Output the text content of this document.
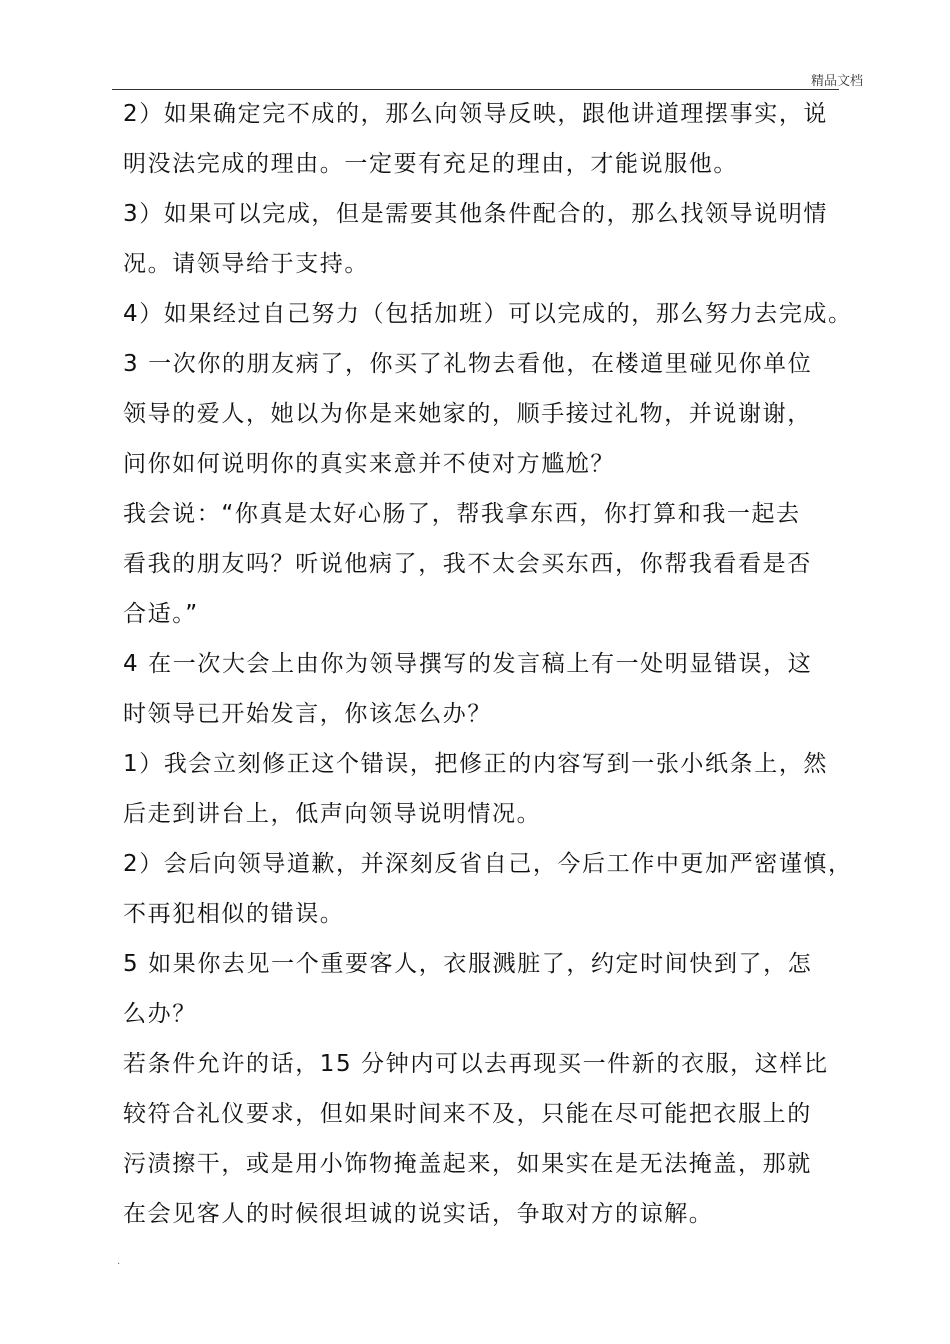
精品文档

2）如果确定完不成的，那么向领导反映，跟他讲道理摆事实，说
明没法完成的理由。一定要有充足的理由，才能说服他。

3）如果可以完成，但是需要其他条件配合的，那么找领导说明情
况。请领导给于支持。

4）如果经过自己努力（包括加班）可以完成的，那么努力去完成。

3 一次你的朋友病了，你买了礼物去看他，在楼道里碰见你单位
领导的爱人，她以为你是来她家的，顺手接过礼物，并说谢谢，
问你如何说明你的真实来意并不使对方尴尬？

我会说：“你真是太好心肠了，帮我拿东西，你打算和我一起去
看我的朋友吗？听说他病了，我不太会买东西，你帮我看看是否
合适。”

4 在一次大会上由你为领导撰写的发言稿上有一处明显错误，这
时领导已开始发言，你该怎么办？

1）我会立刻修正这个错误，把修正的内容写到一张小纸条上，然
后走到讲台上，低声向领导说明情况。

2）会后向领导道歉，并深刻反省自己，今后工作中更加严密谨慎，
不再犯相似的错误。

5 如果你去见一个重要客人，衣服溅脏了，约定时间快到了，怎
么办？

若条件允许的话，15 分钟内可以去再现买一件新的衣服，这样比
较符合礼仪要求，但如果时间来不及，只能在尽可能把衣服上的
污渍擦干，或是用小饰物掩盖起来，如果实在是无法掩盖，那就
在会见客人的时候很坦诚的说实话，争取对方的谅解。

.
